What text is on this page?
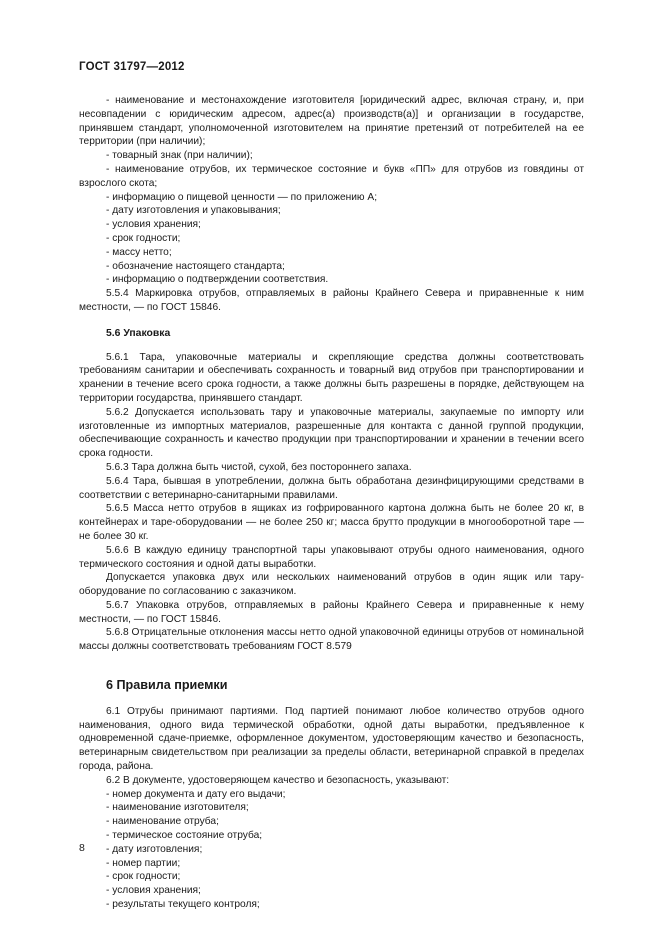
ГОСТ 31797—2012

- наименование и местонахождение изготовителя [юридический адрес, включая страну, и, при несовпадении с юридическим адресом, адрес(а) производств(а)] и организации в государстве, принявшем стандарт, уполномоченной изготовителем на принятие претензий от потребителей на ее территории (при наличии);

- товарный знак (при наличии);

- наименование отрубов, их термическое состояние и букв «ПП» для отрубов из говядины от взрослого скота;

- информацию о пищевой ценности — по приложению А;

- дату изготовления и упаковывания;

- условия хранения;

- срок годности;

- массу нетто;

- обозначение настоящего стандарта;

- информацию о подтверждении соответствия.

5.5.4 Маркировка отрубов, отправляемых в районы Крайнего Севера и приравненные к ним местности, — по ГОСТ 15846.

5.6 Упаковка

5.6.1 Тара, упаковочные материалы и скрепляющие средства должны соответствовать требованиям санитарии и обеспечивать сохранность и товарный вид отрубов при транспортировании и хранении в течение всего срока годности, а также должны быть разрешены в порядке, действующем на территории государства, принявшего стандарт.

5.6.2 Допускается использовать тару и упаковочные материалы, закупаемые по импорту или изготовленные из импортных материалов, разрешенные для контакта с данной группой продукции, обеспечивающие сохранность и качество продукции при транспортировании и хранении в течении всего срока годности.

5.6.3 Тара должна быть чистой, сухой, без постороннего запаха.

5.6.4 Тара, бывшая в употреблении, должна быть обработана дезинфицирующими средствами в соответствии с ветеринарно-санитарными правилами.

5.6.5 Масса нетто отрубов в ящиках из гофрированного картона должна быть не более 20 кг, в контейнерах и таре-оборудовании — не более 250 кг; масса брутто продукции в многооборотной таре — не более 30 кг.

5.6.6 В каждую единицу транспортной тары упаковывают отрубы одного наименования, одного термического состояния и одной даты выработки.

Допускается упаковка двух или нескольких наименований отрубов в один ящик или тару-оборудование по согласованию с заказчиком.

5.6.7 Упаковка отрубов, отправляемых в районы Крайнего Севера и приравненные к нему местности, — по ГОСТ 15846.

5.6.8 Отрицательные отклонения массы нетто одной упаковочной единицы отрубов от номинальной массы должны соответствовать требованиям ГОСТ 8.579

6 Правила приемки

6.1 Отрубы принимают партиями. Под партией понимают любое количество отрубов одного наименования, одного вида термической обработки, одной даты выработки, предъявленное к одновременной сдаче-приемке, оформленное документом, удостоверяющим качество и безопасность, ветеринарным свидетельством при реализации за пределы области, ветеринарной справкой в пределах города, района.

6.2 В документе, удостоверяющем качество и безопасность, указывают:

- номер документа и дату его выдачи;

- наименование изготовителя;

- наименование отруба;

- термическое состояние отруба;

- дату изготовления;

- номер партии;

- срок годности;

- условия хранения;

- результаты текущего контроля;

8
